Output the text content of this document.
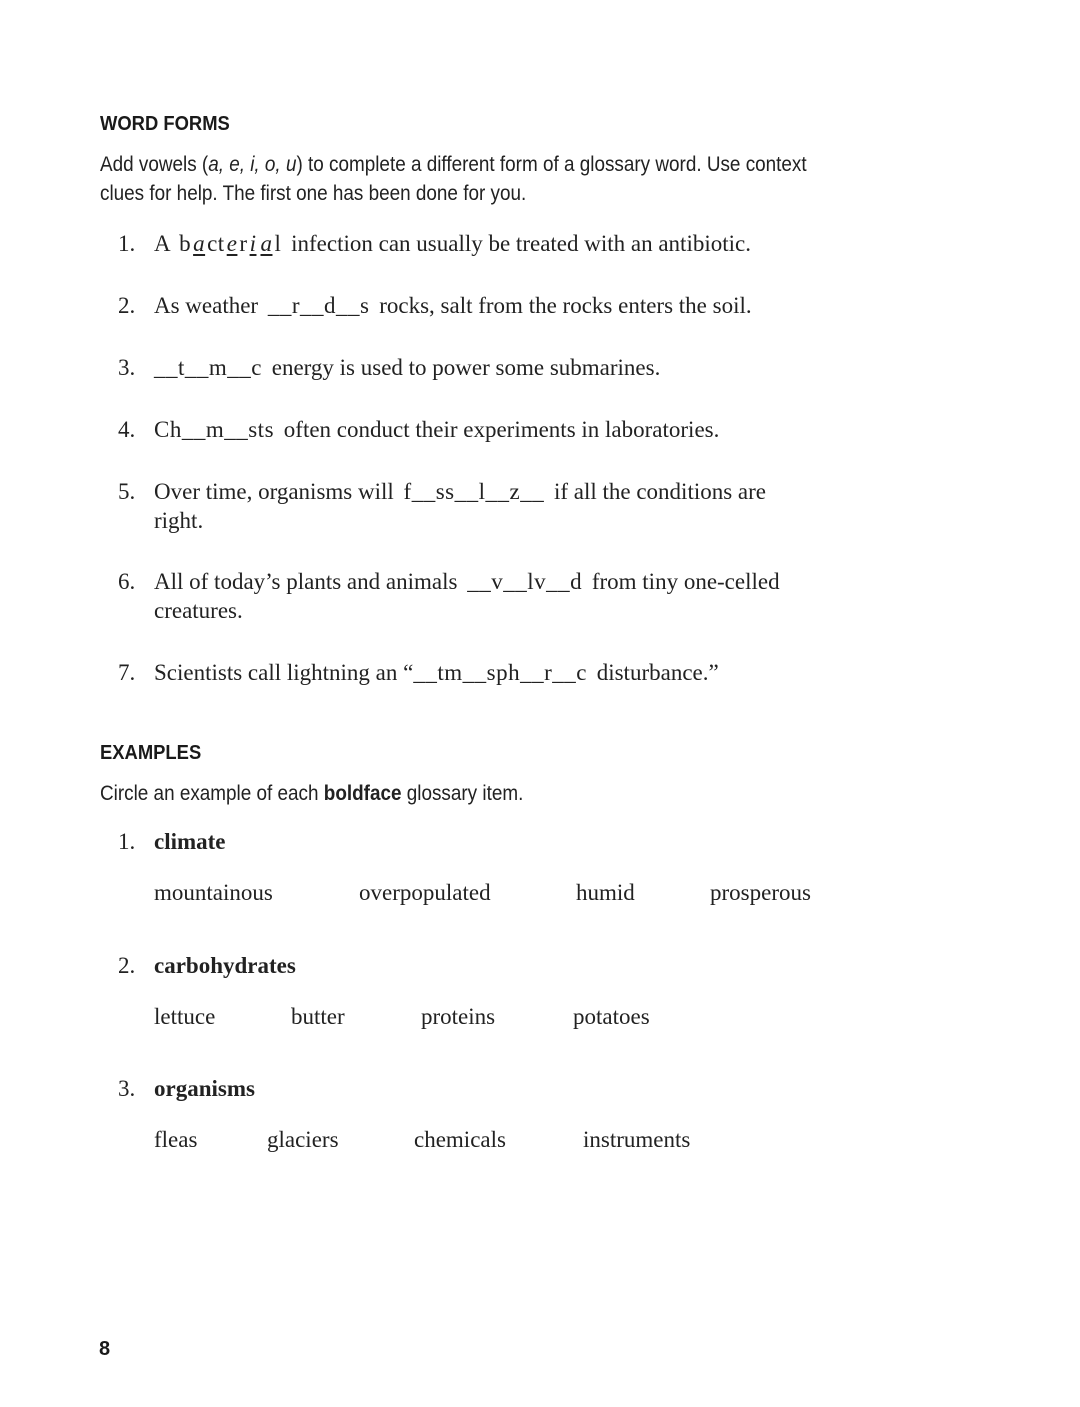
WORD FORMS
Add vowels (a, e, i, o, u) to complete a different form of a glossary word. Use context
clues for help. The first one has been done for you.
1. A bacteri al infection can usually be treated with an antibiotic.
2. As weather __r__d__s rocks, salt from the rocks enters the soil.
3. __t__m__c energy is used to power some submarines.
4. Ch__m__sts often conduct their experiments in laboratories.
5. Over time, organisms will f__ss__l__z__ if all the conditions are
right.
6. All of today’s plants and animals __v__lv__d from tiny one-celled
creatures.
7. Scientists call lightning an “__tm__sph__r__c disturbance.”
EXAMPLES
Circle an example of each boldface glossary item.
1. climate
mountainous	overpopulated	humid	prosperous
2. carbohydrates
lettuce	butter	proteins	potatoes
3. organisms
fleas	glaciers	chemicals	instruments
8
